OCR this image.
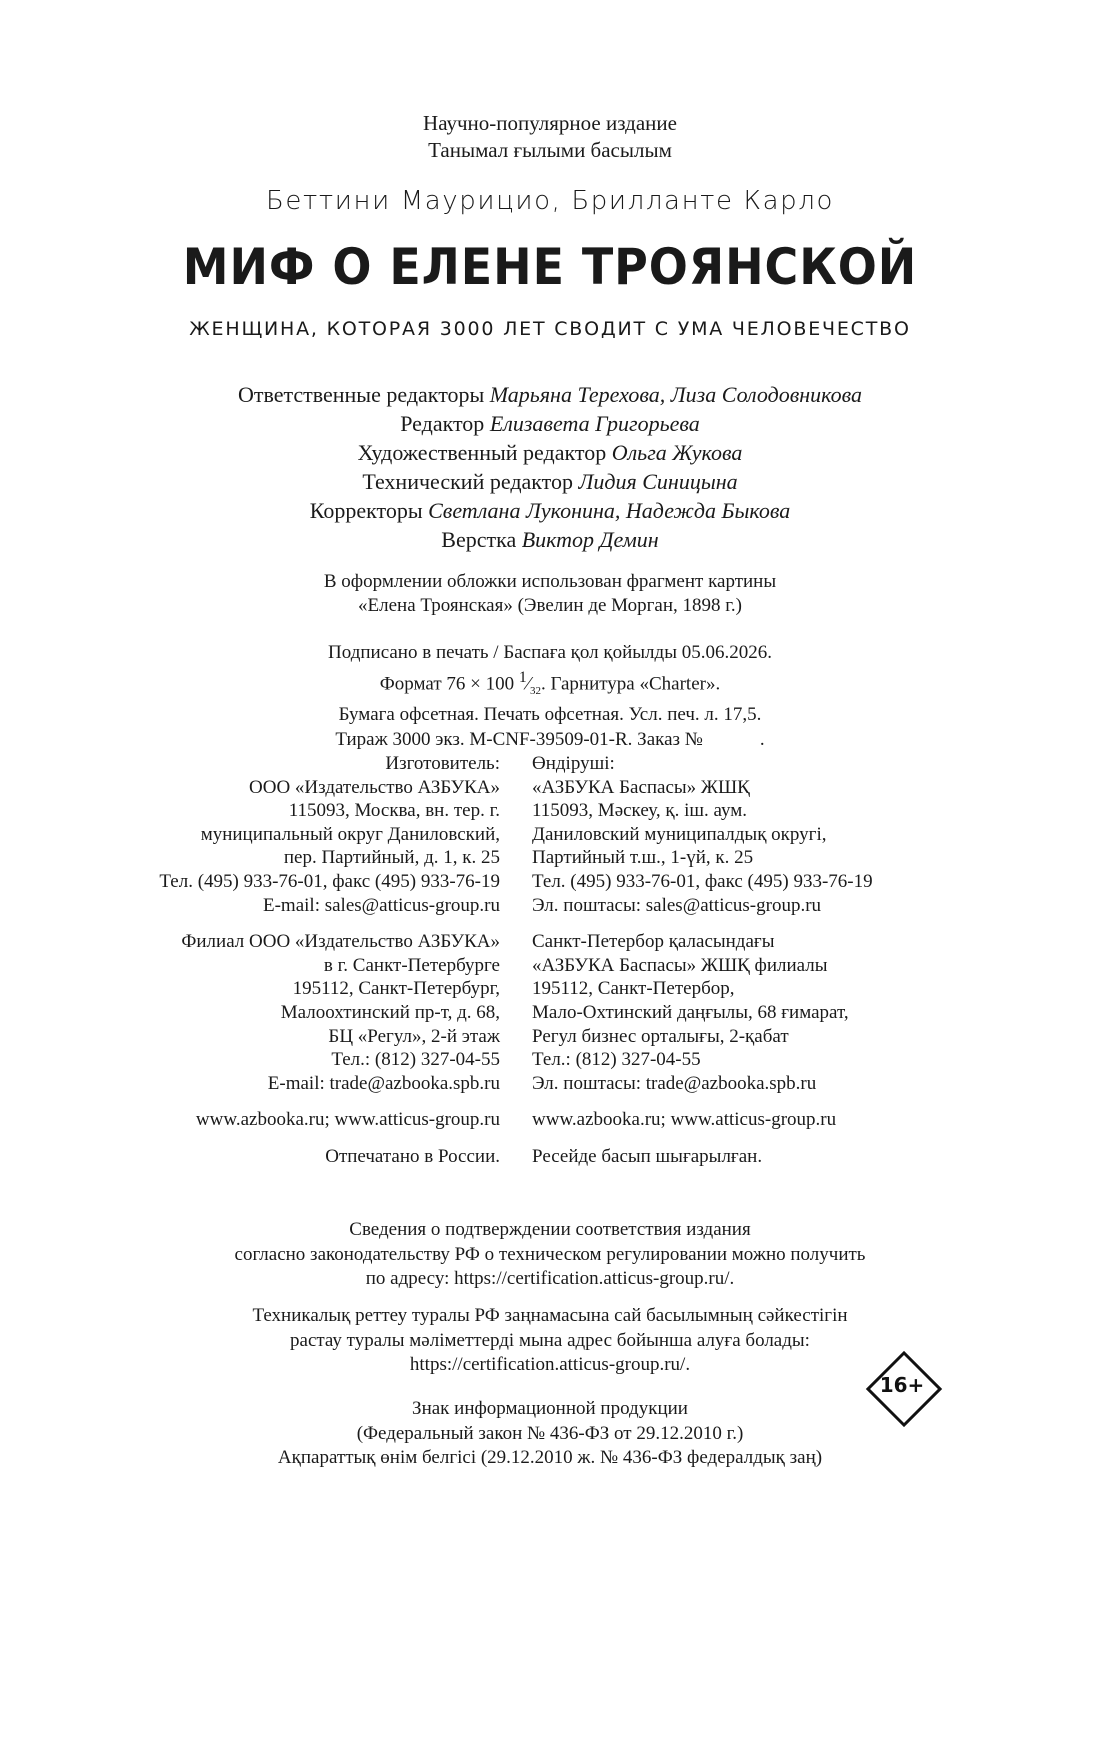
Научно-популярное издание
Танымал ғылыми басылым
Беттини Маурицио, Брилланте Карло
МИФ О ЕЛЕНЕ ТРОЯНСКОЙ
ЖЕНЩИНА, КОТОРАЯ 3000 ЛЕТ СВОДИТ С УМА ЧЕЛОВЕЧЕСТВО
Ответственные редакторы Марьяна Терехова, Лиза Солодовникова
Редактор Елизавета Григорьева
Художественный редактор Ольга Жукова
Технический редактор Лидия Синицына
Корректоры Светлана Луконина, Надежда Быкова
Верстка Виктор Демин
В оформлении обложки использован фрагмент картины
«Елена Троянская» (Эвелин де Морган, 1898 г.)
Подписано в печать / Баспаға қол қойылды 05.06.2026.
Формат 76 × 100 $^1⁄_{32}$. Гарнитура «Charter».
Бумага офсетная. Печать офсетная. Усл. печ. л. 17,5.
Тираж 3000 экз. M-CNF-39509-01-R. Заказ №            .
Изготовитель:
ООО «Издательство АЗБУКА»
115093, Москва, вн. тер. г.
муниципальный округ Даниловский,
пер. Партийный, д. 1, к. 25
Тел. (495) 933-76-01, факс (495) 933-76-19
E-mail: sales@atticus-group.ru
Филиал ООО «Издательство АЗБУКА»
в г. Санкт-Петербурге
195112, Санкт-Петербург,
Малоохтинский пр-т, д. 68,
БЦ «Регул», 2-й этаж
Тел.: (812) 327-04-55
E-mail: trade@azbooka.spb.ru
www.azbooka.ru; www.atticus-group.ru
Отпечатано в России.
Өндіруші:
«АЗБУКА Баспасы» ЖШҚ
115093, Мәскеу, қ. іш. аум.
Даниловский муниципалдық округі,
Партийный т.ш., 1-үй, к. 25
Тел. (495) 933-76-01, факс (495) 933-76-19
Эл. поштасы: sales@atticus-group.ru
Санкт-Петербор қаласындағы
«АЗБУКА Баспасы» ЖШҚ филиалы
195112, Санкт-Петербор,
Мало-Охтинский даңғылы, 68 ғимарат,
Регул бизнес орталығы, 2-қабат
Тел.: (812) 327-04-55
Эл. поштасы: trade@azbooka.spb.ru
www.azbooka.ru; www.atticus-group.ru
Ресейде басып шығарылған.
Сведения о подтверждении соответствия издания
согласно законодательству РФ о техническом регулировании можно получить
по адресу: https://certification.atticus-group.ru/.
Техникалық реттеу туралы РФ заңнамасына сай басылымның сәйкестігін
растау туралы мәліметтерді мына адрес бойынша алуға болады:
https://certification.atticus-group.ru/.
16+
Знак информационной продукции
(Федеральный закон № 436-ФЗ от 29.12.2010 г.)
Ақпараттық өнім белгісі (29.12.2010 ж. № 436-ФЗ федералдық заң)
